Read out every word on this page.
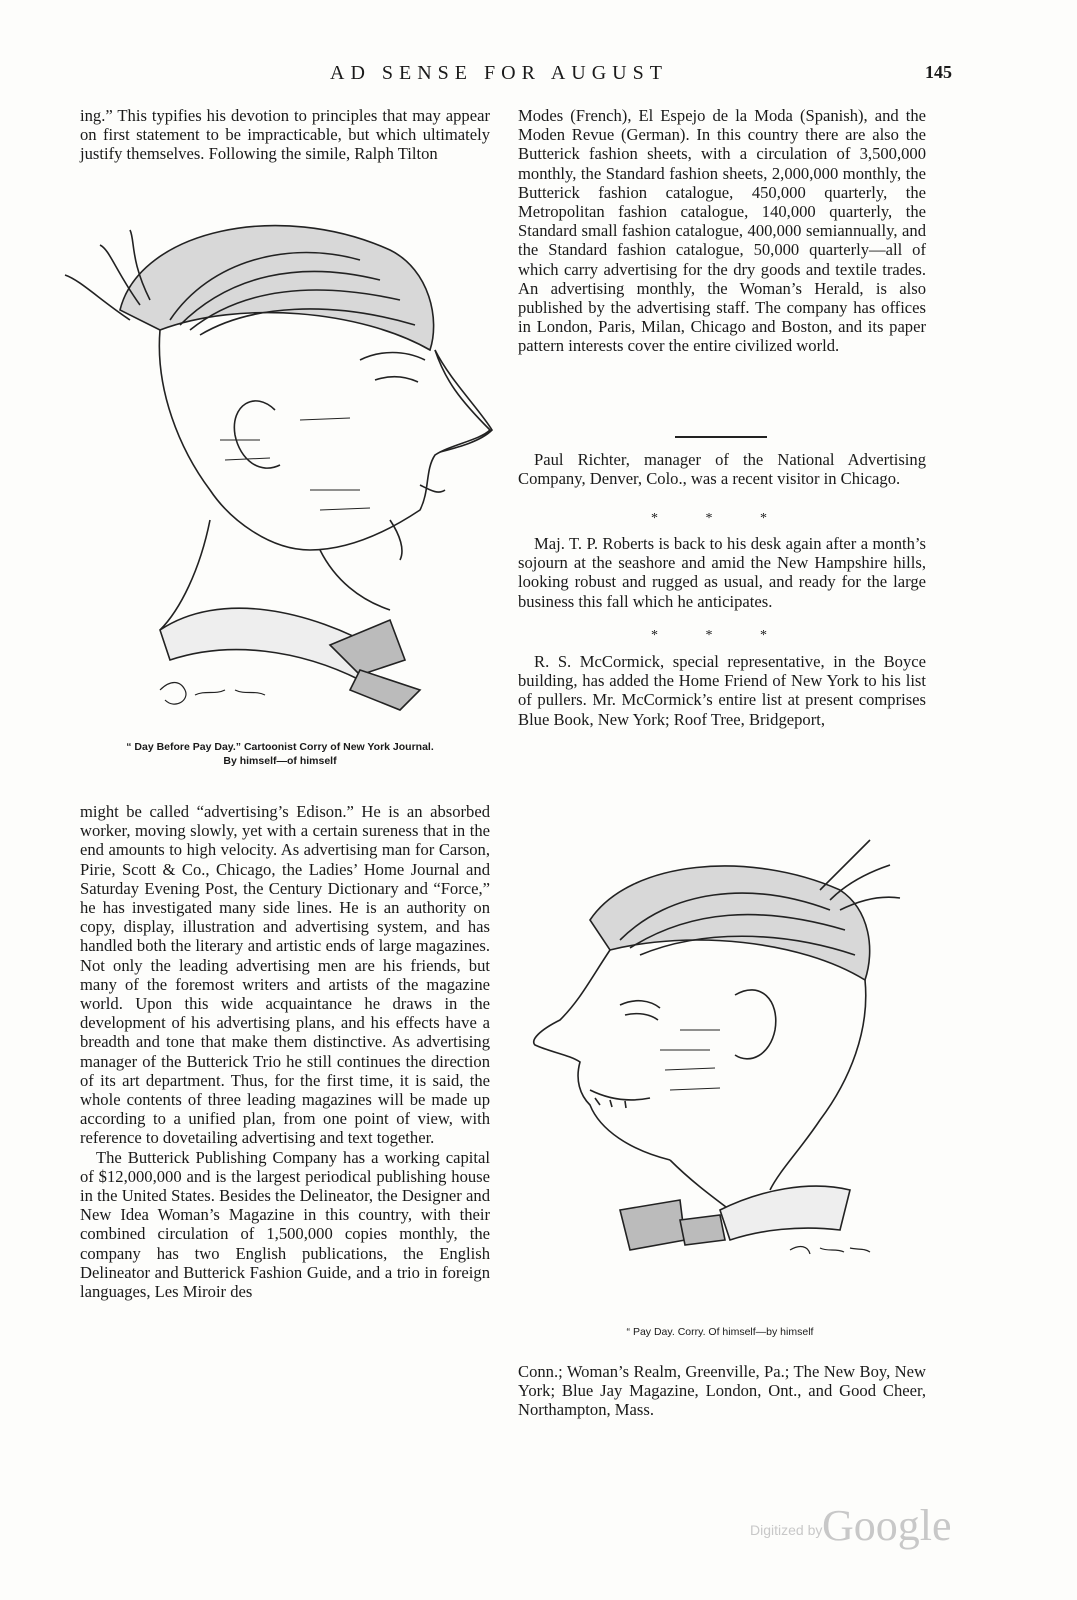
AD SENSE FOR AUGUST	145

ing.” This typifies his devotion to principles that may appear on first statement to be impracticable, but which ultimately justify themselves. Following the simile, Ralph Tilton

“ Day Before Pay Day.” Cartoonist Corry of New York Journal.
By himself—of himself

might be called “advertising’s Edison.” He is an absorbed worker, moving slowly, yet with a certain sureness that in the end amounts to high velocity. As advertising man for Carson, Pirie, Scott & Co., Chicago, the Ladies’ Home Journal and Saturday Evening Post, the Century Dictionary and “Force,” he has investigated many side lines. He is an authority on copy, display, illustration and advertising system, and has handled both the literary and artistic ends of large magazines. Not only the leading advertising men are his friends, but many of the foremost writers and artists of the magazine world. Upon this wide acquaintance he draws in the development of his advertising plans, and his effects have a breadth and tone that make them distinctive. As advertising manager of the Butterick Trio he still continues the direction of its art department. Thus, for the first time, it is said, the whole contents of three leading magazines will be made up according to a unified plan, from one point of view, with reference to dovetailing advertising and text together.

The Butterick Publishing Company has a working capital of $12,000,000 and is the largest periodical publishing house in the United States. Besides the Delineator, the Designer and New Idea Woman’s Magazine in this country, with their combined circulation of 1,500,000 copies monthly, the company has two English publications, the English Delineator and Butterick Fashion Guide, and a trio in foreign languages, Les Miroir des

Modes (French), El Espejo de la Moda (Spanish), and the Moden Revue (German). In this country there are also the Butterick fashion sheets, with a circulation of 3,500,000 monthly, the Standard fashion sheets, 2,000,000 monthly, the Butterick fashion catalogue, 450,000 quarterly, the Metropolitan fashion catalogue, 140,000 quarterly, the Standard small fashion catalogue, 400,000 semiannually, and the Standard fashion catalogue, 50,000 quarterly—all of which carry advertising for the dry goods and textile trades. An advertising monthly, the Woman’s Herald, is also published by the advertising staff. The company has offices in London, Paris, Milan, Chicago and Boston, and its paper pattern interests cover the entire civilized world.

Paul Richter, manager of the National Advertising Company, Denver, Colo., was a recent visitor in Chicago.

* * *

Maj. T. P. Roberts is back to his desk again after a month’s sojourn at the seashore and amid the New Hampshire hills, looking robust and rugged as usual, and ready for the large business this fall which he anticipates.

* * *

R. S. McCormick, special representative, in the Boyce building, has added the Home Friend of New York to his list of pullers. Mr. McCormick’s entire list at present comprises Blue Book, New York; Roof Tree, Bridgeport,

“ Pay Day. Corry. Of himself—by himself

Conn.; Woman’s Realm, Greenville, Pa.; The New Boy, New York; Blue Jay Magazine, London, Ont., and Good Cheer, Northampton, Mass.

Digitized by Google
